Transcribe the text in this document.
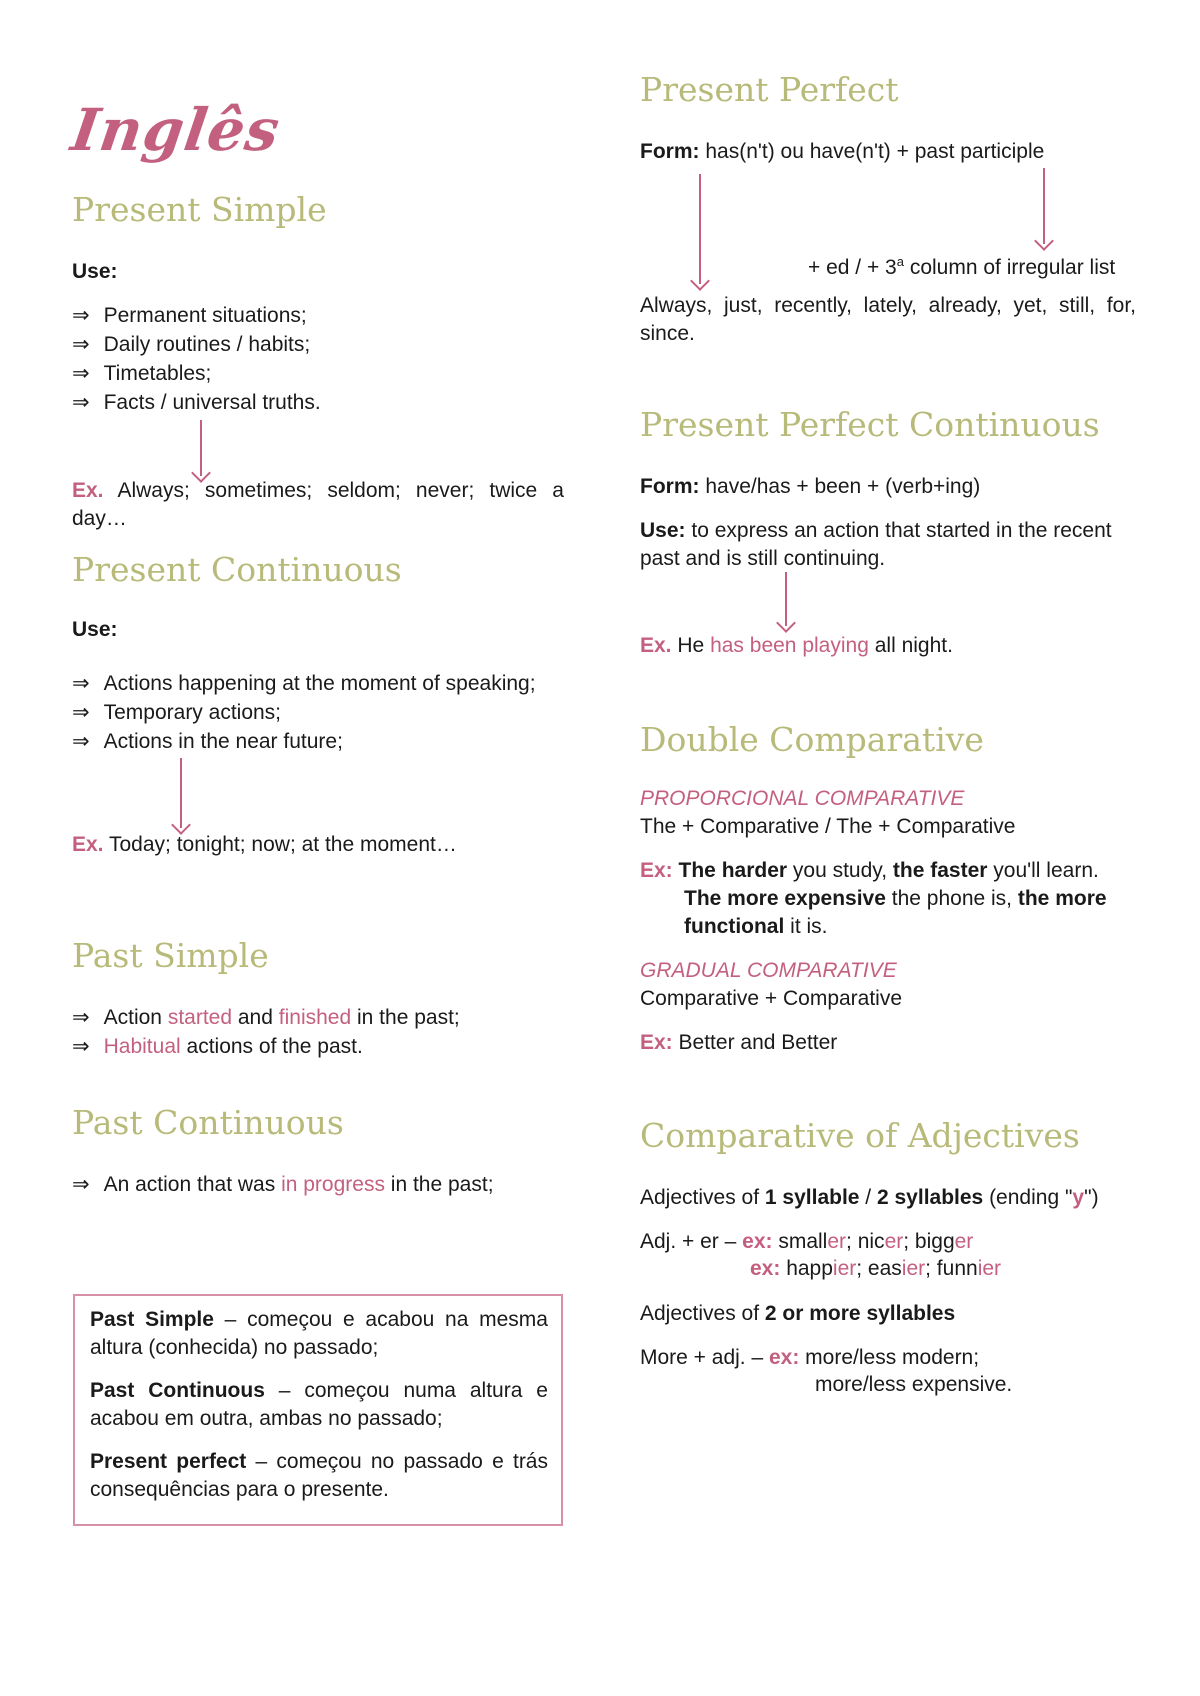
Inglês
Present Simple
Use:
⇒ Permanent situations;
⇒ Daily routines / habits;
⇒ Timetables;
⇒ Facts / universal truths.
Ex. Always; sometimes; seldom; never; twice a
day…
Present Continuous
Use:
⇒ Actions happening at the moment of speaking;
⇒ Temporary actions;
⇒ Actions in the near future;
Ex. Today; tonight; now; at the moment…
Past Simple
⇒ Action started and finished in the past;
⇒ Habitual actions of the past.
Past Continuous
⇒ An action that was in progress in the past;
Past Simple – começou e acabou na mesma altura (conhecida) no passado;
Past Continuous – começou numa altura e acabou em outra, ambas no passado;
Present perfect – começou no passado e trás consequências para o presente.
Present Perfect
Form: has(n't) ou have(n't) + past participle
+ ed / + $3^a$ column of irregular list
Always, just, recently, lately, already, yet, still, for,
since.
Present Perfect Continuous
Form: have/has + been + (verb+ing)
Use: to express an action that started in the recent
past and is still continuing.
Ex. He has been playing all night.
Double Comparative
PROPORCIONAL COMPARATIVE
The + Comparative / The + Comparative
Ex: The harder you study, the faster you'll learn.
The more expensive the phone is, the more
functional it is.
GRADUAL COMPARATIVE
Comparative + Comparative
Ex: Better and Better
Comparative of Adjectives
Adjectives of 1 syllable / 2 syllables (ending "y")
Adj. + er – ex: smaller; nicer; bigger
ex: happier; easier; funnier
Adjectives of 2 or more syllables
More + adj. – ex: more/less modern;
more/less expensive.
